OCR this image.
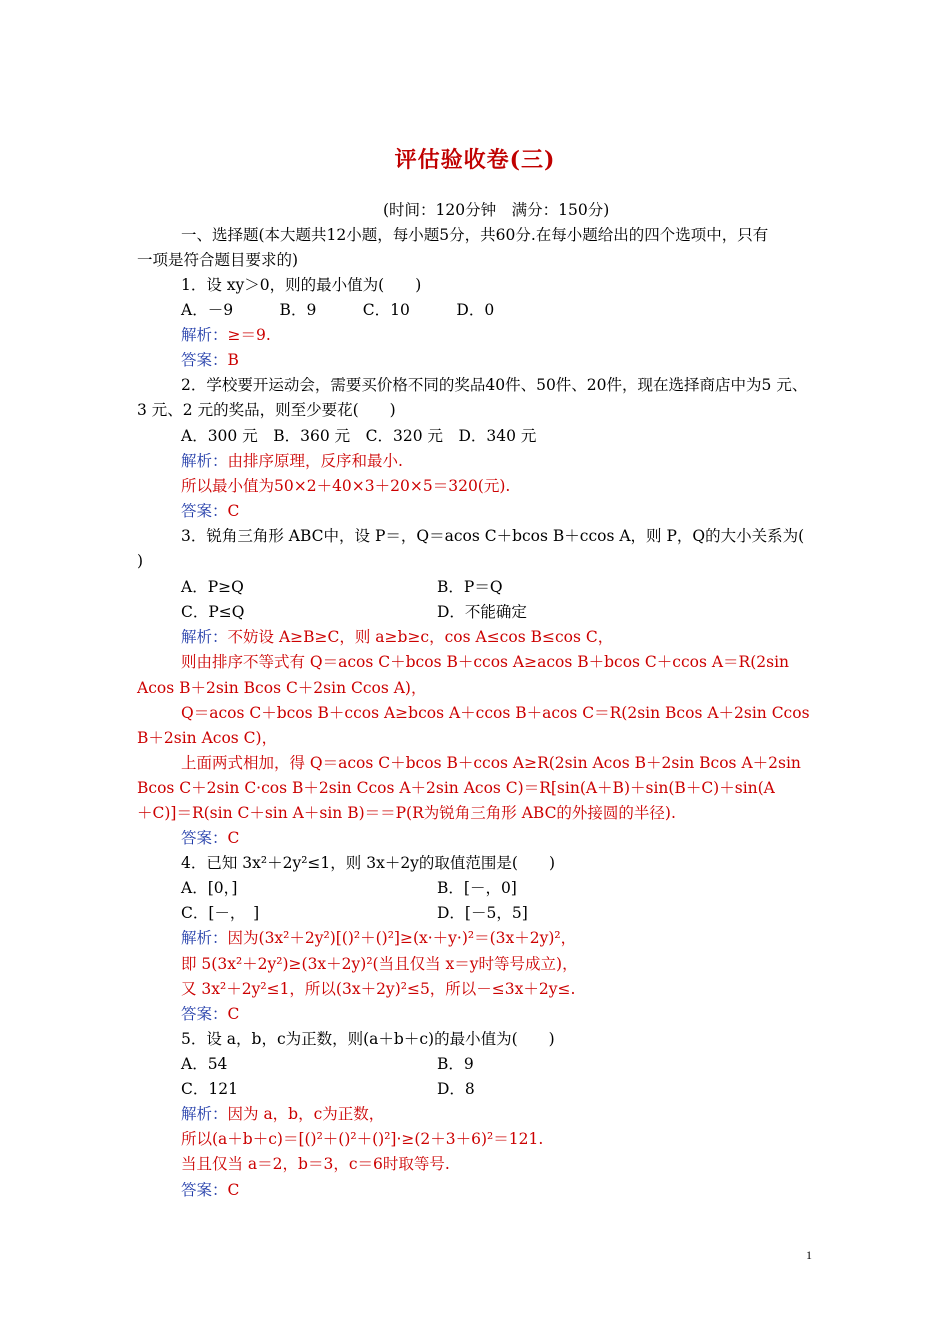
评估验收卷(三)
(时间：120分钟　满分：150分)
一、选择题(本大题共12小题，每小题5分，共60分.在每小题给出的四个选项中，只有
一项是符合题目要求的)
1．设 xy＞0，则的最小值为(　　)
A．－9　　　B．9　　　C．10　　　D．0
解析：≥＝9.
答案：B
2．学校要开运动会，需要买价格不同的奖品40件、50件、20件，现在选择商店中为5 元、
3 元、2 元的奖品，则至少要花(　　)
A．300 元　B．360 元　C．320 元　D．340 元
解析：由排序原理，反序和最小.
所以最小值为50×2＋40×3＋20×5＝320(元).
答案：C
3．锐角三角形 ABC中，设 P＝，Q＝acos C＋bcos B＋ccos A，则 P，Q的大小关系为(
)
A．P≥Q	B．P＝Q
C．P≤Q	D．不能确定
解析：不妨设 A≥B≥C，则 a≥b≥c，cos A≤cos B≤cos C，
则由排序不等式有 Q＝acos C＋bcos B＋ccos A≥acos B＋bcos C＋ccos A＝R(2sin
Acos B＋2sin Bcos C＋2sin Ccos A)，
Q＝acos C＋bcos B＋ccos A≥bcos A＋ccos B＋acos C＝R(2sin Bcos A＋2sin Ccos
B＋2sin Acos C)，
上面两式相加，得 Q＝acos C＋bcos B＋ccos A≥R(2sin Acos B＋2sin Bcos A＋2sin
Bcos C＋2sin C·cos B＋2sin Ccos A＋2sin Acos C)＝R[sin(A＋B)＋sin(B＋C)＋sin(A
＋C)]＝R(sin C＋sin A＋sin B)＝＝P(R为锐角三角形 ABC的外接圆的半径).
答案：C
4．已知 3x²＋2y²≤1，则 3x＋2y的取值范围是(　　)
A．[0，]	B．[－，0]
C．[－，　]	D．[－5，5]
解析：因为(3x²＋2y²)[()²＋()²]≥(x·＋y·)²＝(3x＋2y)²，
即 5(3x²＋2y²)≥(3x＋2y)²(当且仅当 x＝y时等号成立)，
又 3x²＋2y²≤1，所以(3x＋2y)²≤5，所以－≤3x＋2y≤.
答案：C
5．设 a，b，c为正数，则(a＋b＋c)的最小值为(　　)
A．54	B．9
C．121	D．8
解析：因为 a，b，c为正数，
所以(a＋b＋c)＝[()²＋()²＋()²]·≥(2＋3＋6)²＝121.
当且仅当 a＝2，b＝3，c＝6时取等号.
答案：C
1
